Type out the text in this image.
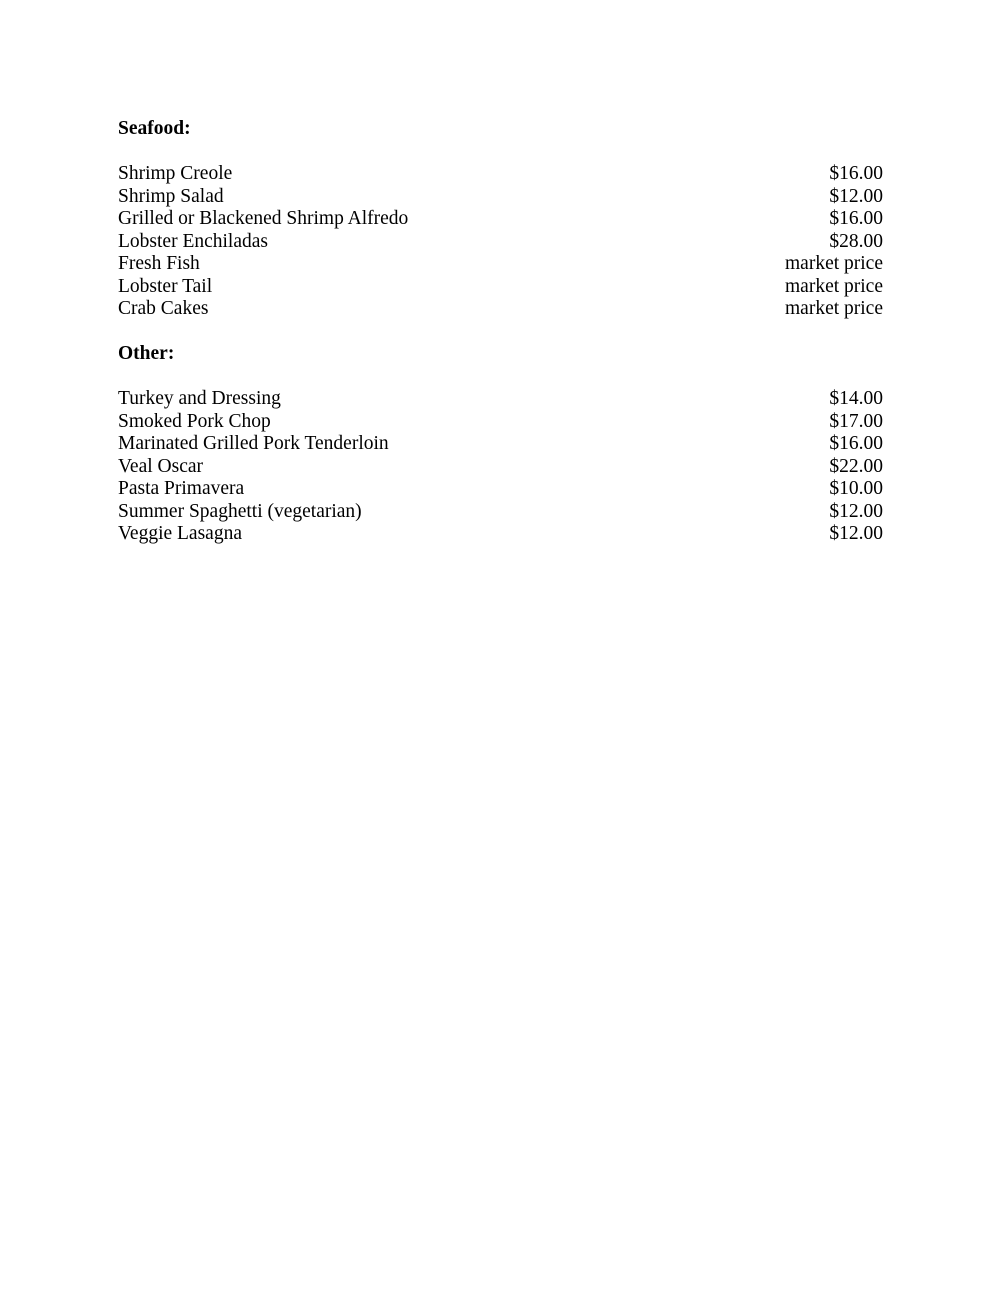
Seafood:
Shrimp Creole	$16.00
Shrimp Salad	$12.00
Grilled or Blackened Shrimp Alfredo	$16.00
Lobster Enchiladas	$28.00
Fresh Fish	market price
Lobster Tail	market price
Crab Cakes	market price
Other:
Turkey and Dressing	$14.00
Smoked Pork Chop	$17.00
Marinated Grilled Pork Tenderloin	$16.00
Veal Oscar	$22.00
Pasta Primavera	$10.00
Summer Spaghetti (vegetarian)	$12.00
Veggie Lasagna	$12.00
